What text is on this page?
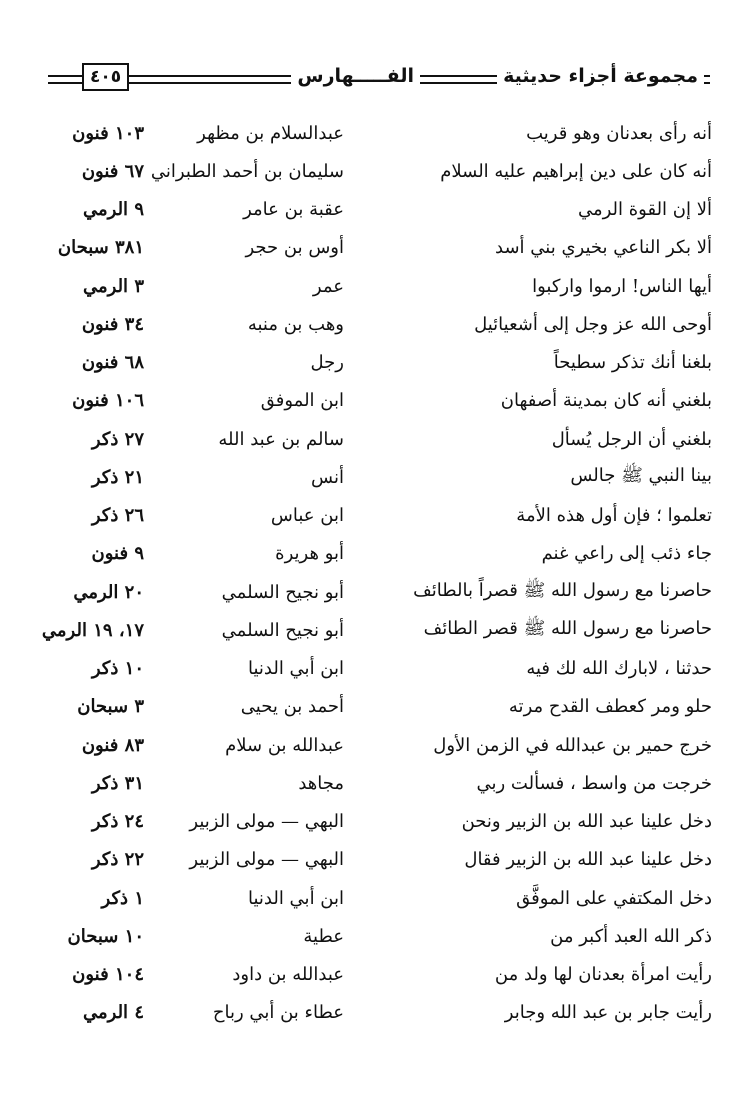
مجموعة أجزاء حديثية
الفـــــهارس
٤٠٥
أنه رأى بعدنان وهو قريب
عبدالسلام بن مظهر
١٠٣ فنون
أنه كان على دين إبراهيم عليه السلام
سليمان بن أحمد الطبراني
٦٧ فنون
ألا إن القوة الرمي
عقبة بن عامر
٩ الرمي
ألا بكر الناعي بخيري بني أسد
أوس بن حجر
٣٨١ سبحان
أيها الناس! ارموا واركبوا
عمر
٣ الرمي
أوحى الله عز وجل إلى أشعيائيل
وهب بن منبه
٣٤ فنون
بلغنا أنك تذكر سطيحاً
رجل
٦٨ فنون
بلغني أنه كان بمدينة أصفهان
ابن الموفق
١٠٦ فنون
بلغني أن الرجل يُسأل
سالم بن عبد الله
٢٧ ذكر
بينا النبي ﷺ جالس
أنس
٢١ ذكر
تعلموا ؛ فإن أول هذه الأمة
ابن عباس
٢٦ ذكر
جاء ذئب إلى راعي غنم
أبو هريرة
٩ فنون
حاصرنا مع رسول الله ﷺ قصراً بالطائف
أبو نجيح السلمي
٢٠ الرمي
حاصرنا مع رسول الله ﷺ قصر الطائف
أبو نجيح السلمي
١٧، ١٩ الرمي
حدثنا ، لابارك الله لك فيه
ابن أبي الدنيا
١٠ ذكر
حلو ومر كعطف القدح مرته
أحمد بن يحيى
٣ سبحان
خرج حمير بن عبدالله في الزمن الأول
عبدالله بن سلام
٨٣ فنون
خرجت من واسط ، فسألت ربي
مجاهد
٣١ ذكر
دخل علينا عبد الله بن الزبير ونحن
البهي — مولى الزبير
٢٤ ذكر
دخل علينا عبد الله بن الزبير فقال
البهي — مولى الزبير
٢٢ ذكر
دخل المكتفي على الموفَّق
ابن أبي الدنيا
١ ذكر
ذكر الله العبد أكبر من
عطية
١٠ سبحان
رأيت امرأة بعدنان لها ولد من
عبدالله بن داود
١٠٤ فنون
رأيت جابر بن عبد الله وجابر
عطاء بن أبي رباح
٤ الرمي
